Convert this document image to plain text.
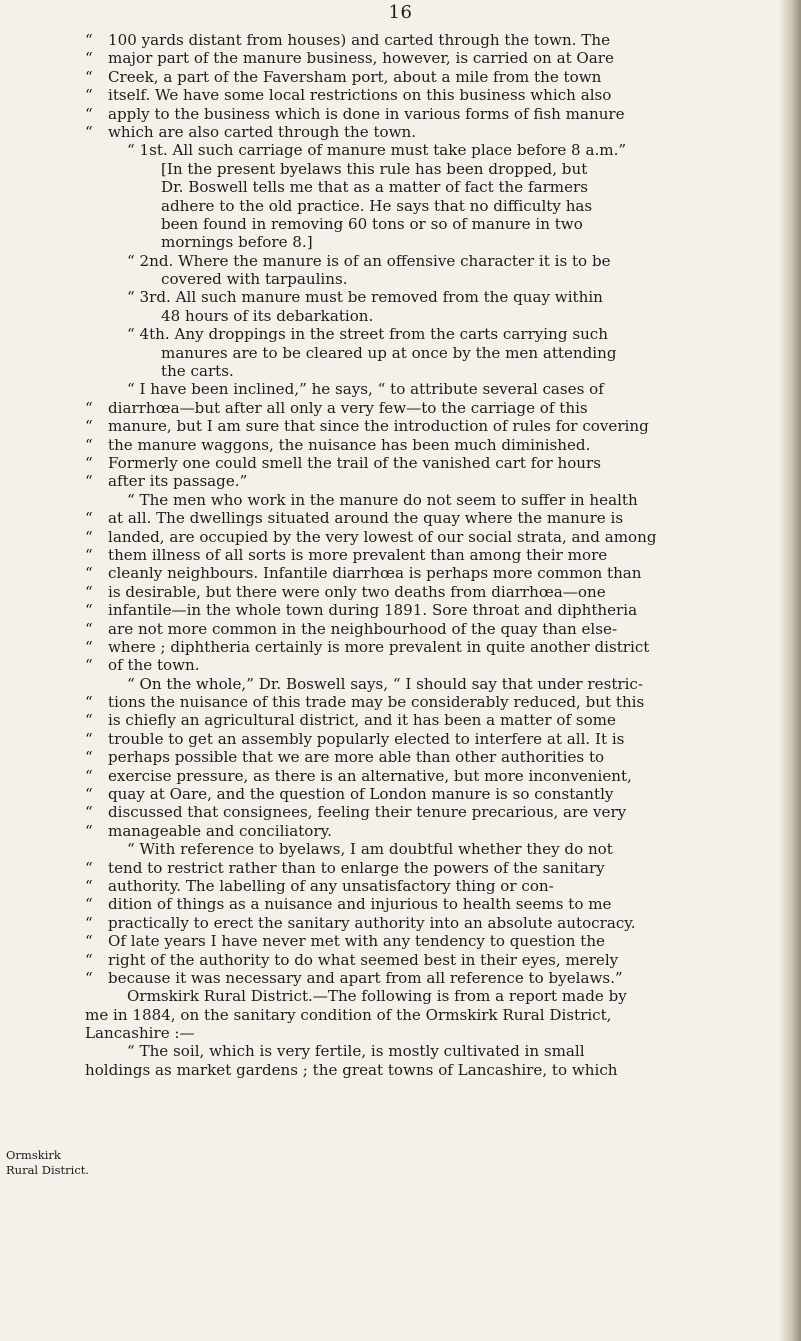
16
“ 100 yards distant from houses) and carted through the town. The
“ major part of the manure business, however, is carried on at Oare
“ Creek, a part of the Faversham port, about a mile from the town
“ itself. We have some local restrictions on this business which also
“ apply to the business which is done in various forms of fish manure
“ which are also carted through the town.
“ 1st. All such carriage of manure must take place before 8 a.m.”
[In the present byelaws this rule has been dropped, but
Dr. Boswell tells me that as a matter of fact the farmers
adhere to the old practice. He says that no difficulty has
been found in removing 60 tons or so of manure in two
mornings before 8.]
“ 2nd. Where the manure is of an offensive character it is to be
covered with tarpaulins.
“ 3rd. All such manure must be removed from the quay within
48 hours of its debarkation.
“ 4th. Any droppings in the street from the carts carrying such
manures are to be cleared up at once by the men attending
the carts.
“ I have been inclined,” he says, “ to attribute several cases of
“ diarrhœa—but after all only a very few—to the carriage of this
“ manure, but I am sure that since the introduction of rules for covering
“ the manure waggons, the nuisance has been much diminished.
“ Formerly one could smell the trail of the vanished cart for hours
“ after its passage.”
“ The men who work in the manure do not seem to suffer in health
“ at all. The dwellings situated around the quay where the manure is
“ landed, are occupied by the very lowest of our social strata, and among
“ them illness of all sorts is more prevalent than among their more
“ cleanly neighbours. Infantile diarrhœa is perhaps more common than
“ is desirable, but there were only two deaths from diarrhœa—one
“ infantile—in the whole town during 1891. Sore throat and diphtheria
“ are not more common in the neighbourhood of the quay than else-
“ where ; diphtheria certainly is more prevalent in quite another district
“ of the town.
“ On the whole,” Dr. Boswell says, “ I should say that under restric-
“ tions the nuisance of this trade may be considerably reduced, but this
“ is chiefly an agricultural district, and it has been a matter of some
“ trouble to get an assembly popularly elected to interfere at all. It is
“ perhaps possible that we are more able than other authorities to
“ exercise pressure, as there is an alternative, but more inconvenient,
“ quay at Oare, and the question of London manure is so constantly
“ discussed that consignees, feeling their tenure precarious, are very
“ manageable and conciliatory.
“ With reference to byelaws, I am doubtful whether they do not
“ tend to restrict rather than to enlarge the powers of the sanitary
“ authority. The labelling of any unsatisfactory thing or con-
“ dition of things as a nuisance and injurious to health seems to me
“ practically to erect the sanitary authority into an absolute autocracy.
“ Of late years I have never met with any tendency to question the
“ right of the authority to do what seemed best in their eyes, merely
“ because it was necessary and apart from all reference to byelaws.”
Ormskirk Rural District.—The following is from a report made by
me in 1884, on the sanitary condition of the Ormskirk Rural District,
Lancashire :—
“ The soil, which is very fertile, is mostly cultivated in small
holdings as market gardens ; the great towns of Lancashire, to which
Ormskirk
Rural District.
